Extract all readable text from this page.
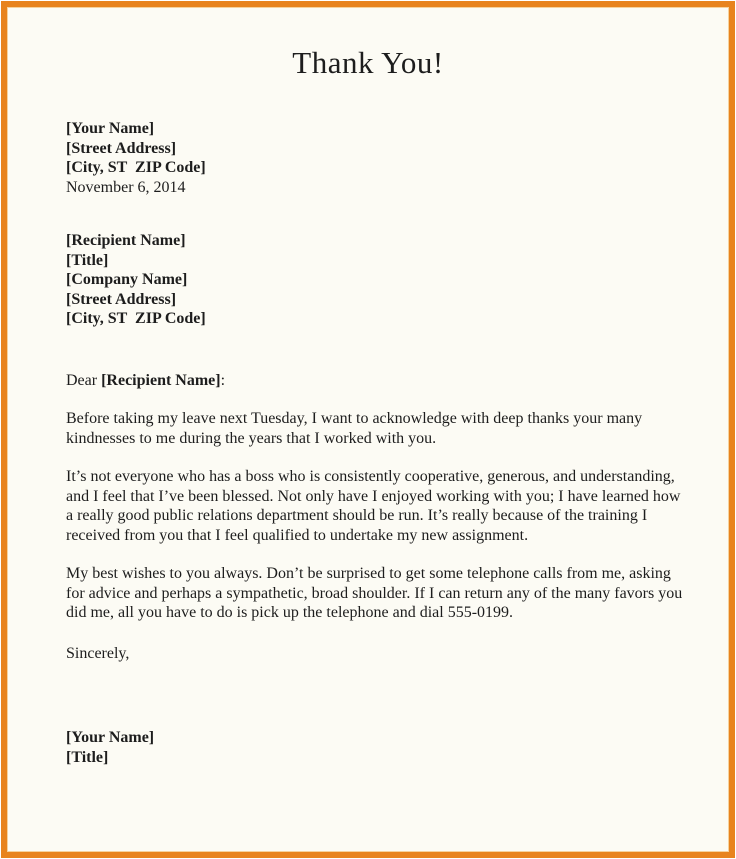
Thank You!
[Your Name]
[Street Address]
[City, ST  ZIP Code]
November 6, 2014
[Recipient Name]
[Title]
[Company Name]
[Street Address]
[City, ST  ZIP Code]
Dear [Recipient Name]:

Before taking my leave next Tuesday, I want to acknowledge with deep thanks your many kindnesses to me during the years that I worked with you.

It’s not everyone who has a boss who is consistently cooperative, generous, and understanding, and I feel that I’ve been blessed. Not only have I enjoyed working with you; I have learned how a really good public relations department should be run. It’s really because of the training I received from you that I feel qualified to undertake my new assignment.

My best wishes to you always. Don’t be surprised to get some telephone calls from me, asking for advice and perhaps a sympathetic, broad shoulder. If I can return any of the many favors you did me, all you have to do is pick up the telephone and dial 555-0199.

Sincerely,
[Your Name]
[Title]
